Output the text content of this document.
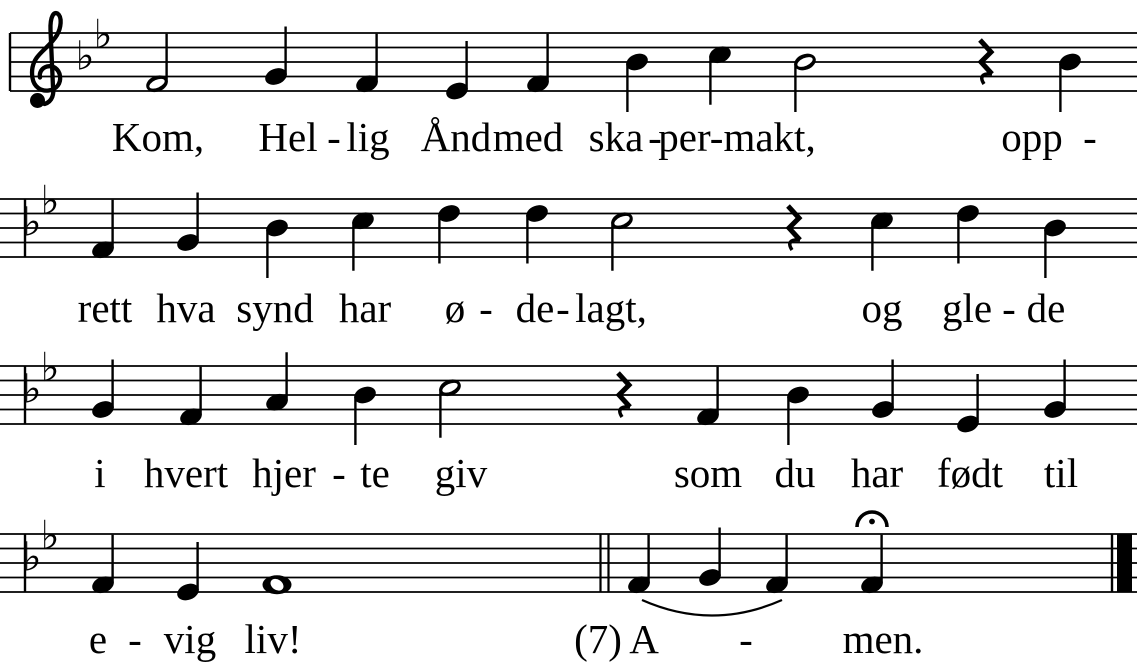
♭ ♭
Kom, Hel - lig Ånd med ska -
per-makt,	opp -
♭ ♭
rett hva synd har ø - de - lagt,	og gle - de
♭ ♭
i hvert hjer - te giv	som du har født til
♭ ♭
e - vig liv!	(7) A - men.
